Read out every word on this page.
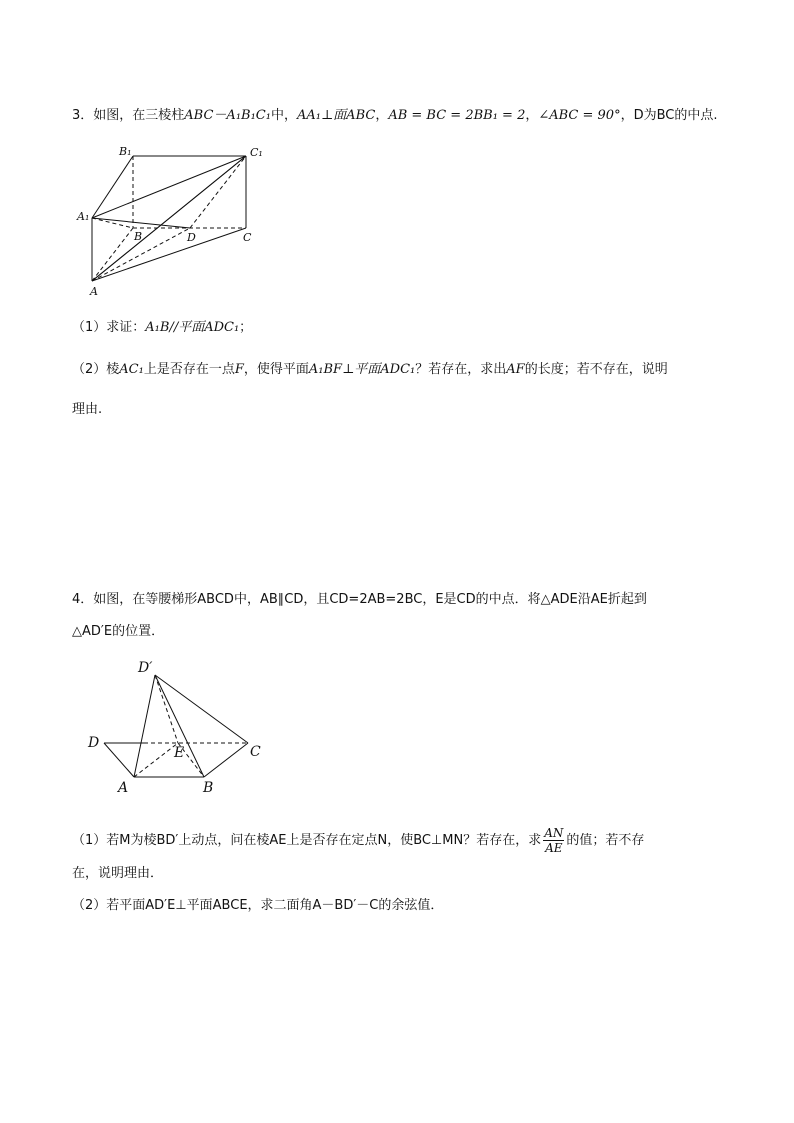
3．如图，在三棱柱ABC－A₁B₁C₁中，AA₁⊥面ABC，AB = BC = 2BB₁ = 2，∠ABC = 90°，D为BC的中点.
B₁	C₁
A₁
B	D	C
A
（1）求证：A₁B//平面ADC₁；
（2）棱AC₁上是否存在一点F，使得平面A₁BF⊥平面ADC₁？若存在，求出AF的长度；若不存在，说明
理由.
4．如图，在等腰梯形ABCD中，AB∥CD，且CD=2AB=2BC，E是CD的中点．将△ADE沿AE折起到
△AD′E的位置．
D′
D
E	C
A	B
（1）若M为棱BD′上动点，问在棱AE上是否存在定点N，使BC⊥MN？若存在，求 $\frac{AN}{AE}$ 的值；若不存
在，说明理由．
（2）若平面AD′E⊥平面ABCE，求二面角A－BD′－C的余弦值．
